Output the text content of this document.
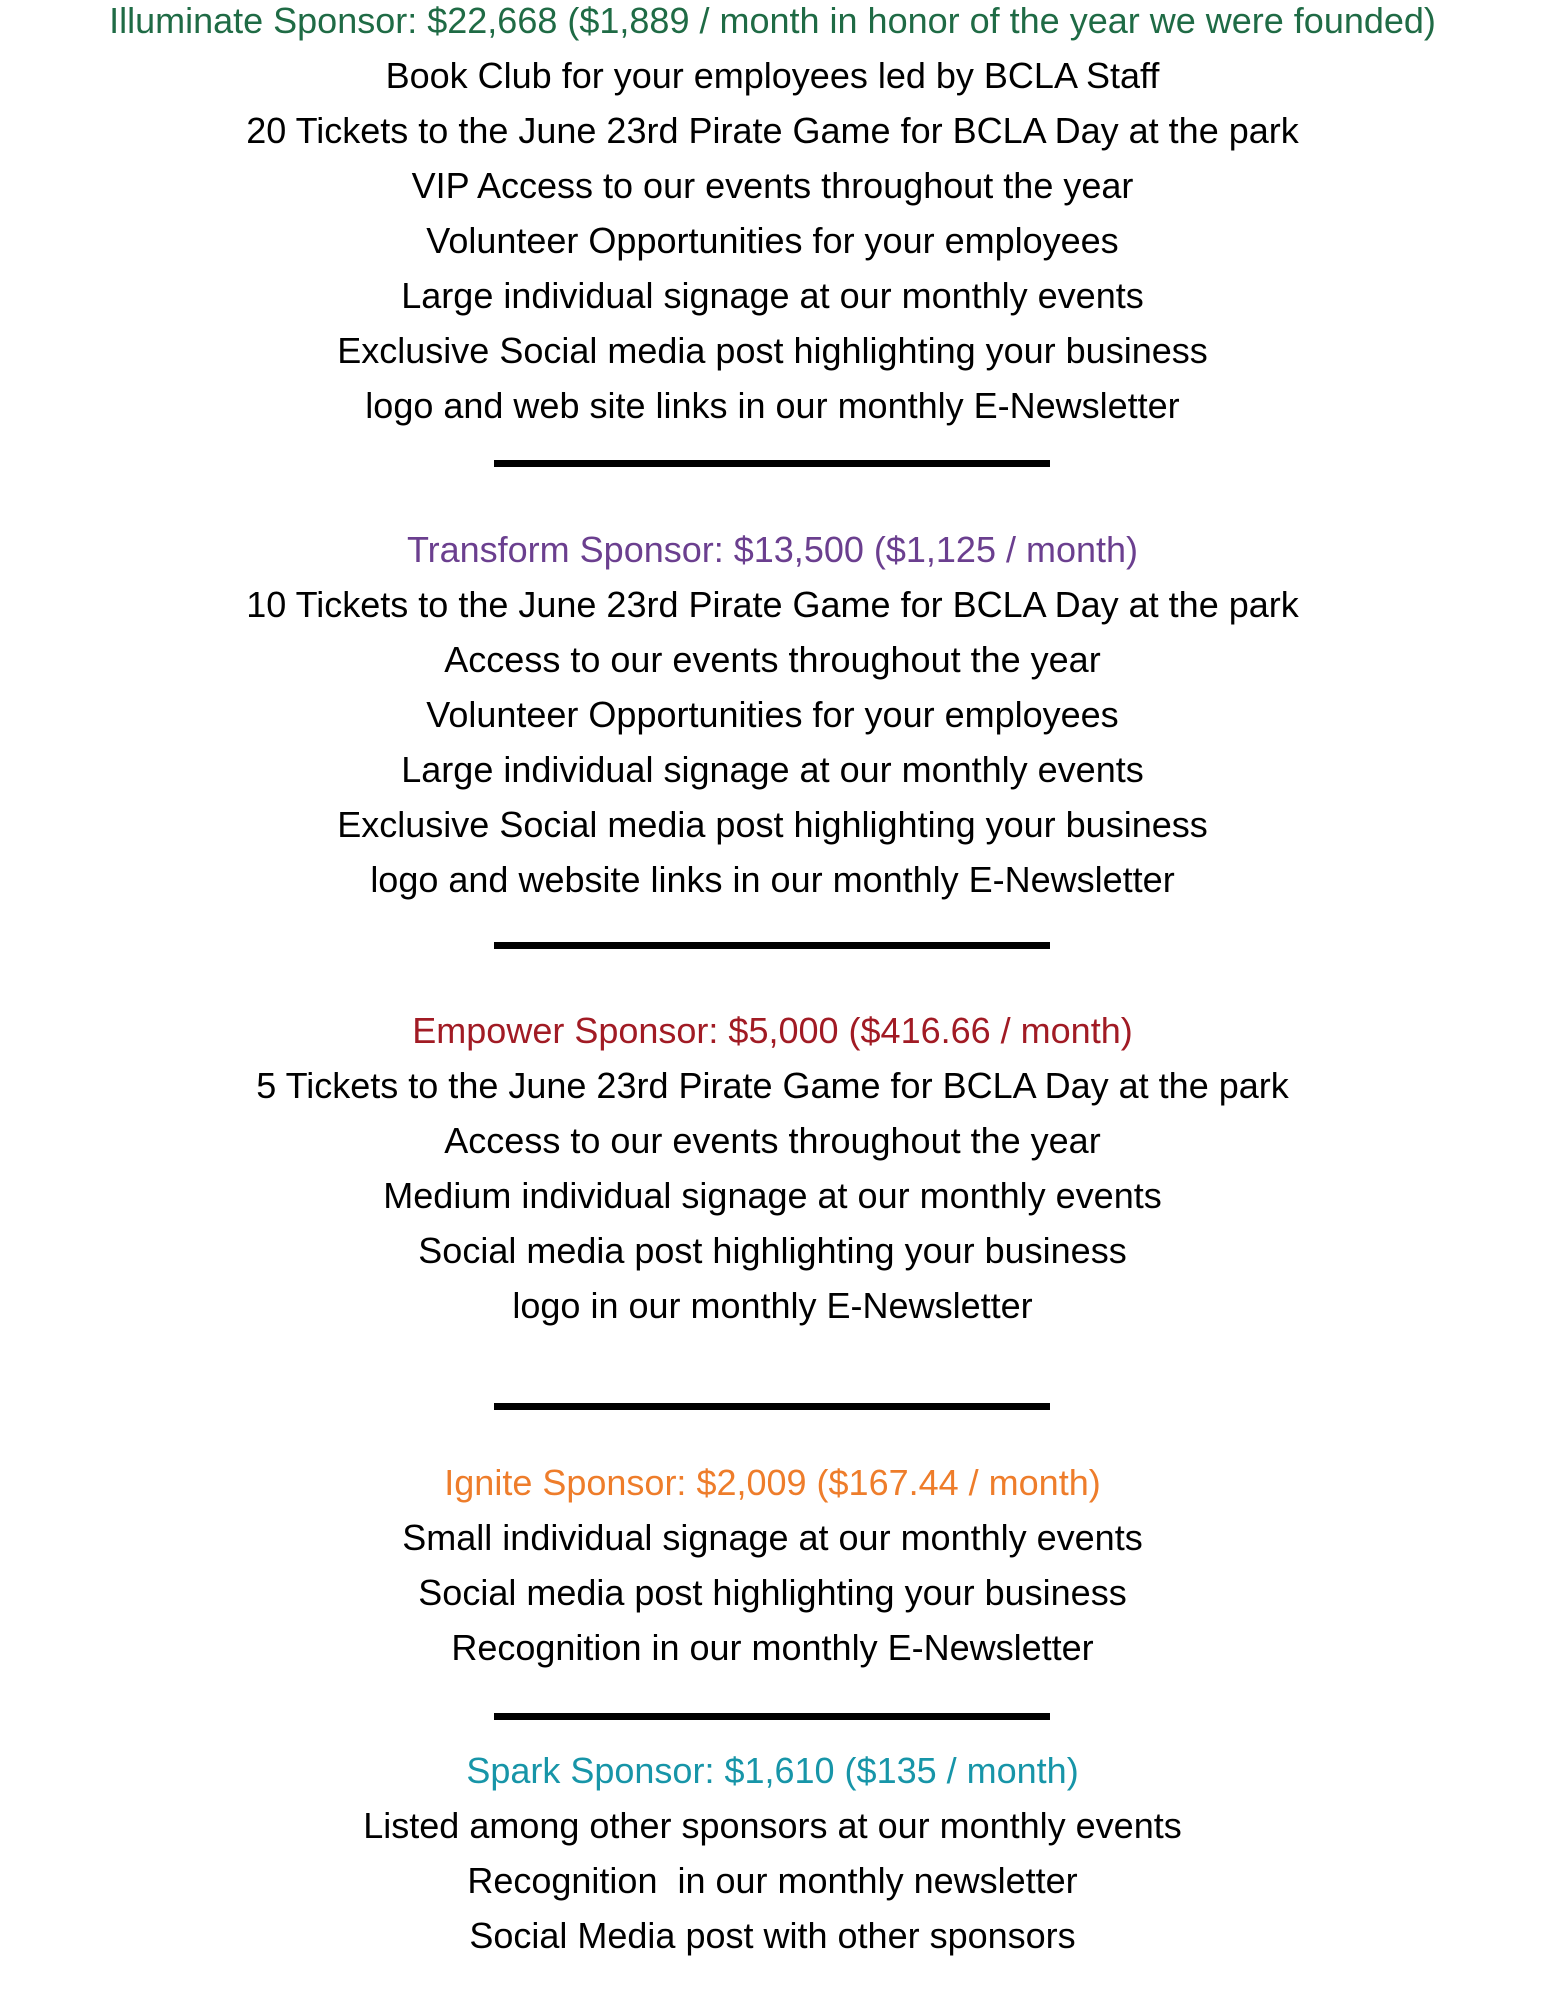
Illuminate Sponsor: $22,668 ($1,889 / month in honor of the year we were founded)
Book Club for your employees led by BCLA Staff
20 Tickets to the June 23rd Pirate Game for BCLA Day at the park
VIP Access to our events throughout the year
Volunteer Opportunities for your employees
Large individual signage at our monthly events
Exclusive Social media post highlighting your business
logo and web site links in our monthly E-Newsletter
Transform Sponsor: $13,500 ($1,125 / month)
10 Tickets to the June 23rd Pirate Game for BCLA Day at the park
Access to our events throughout the year
Volunteer Opportunities for your employees
Large individual signage at our monthly events
Exclusive Social media post highlighting your business
logo and website links in our monthly E-Newsletter
Empower Sponsor: $5,000 ($416.66 / month)
5 Tickets to the June 23rd Pirate Game for BCLA Day at the park
Access to our events throughout the year
Medium individual signage at our monthly events
Social media post highlighting your business
logo in our monthly E-Newsletter
Ignite Sponsor: $2,009 ($167.44 / month)
Small individual signage at our monthly events
Social media post highlighting your business
Recognition in our monthly E-Newsletter
Spark Sponsor: $1,610 ($135 / month)
Listed among other sponsors at our monthly events
Recognition  in our monthly newsletter
Social Media post with other sponsors
